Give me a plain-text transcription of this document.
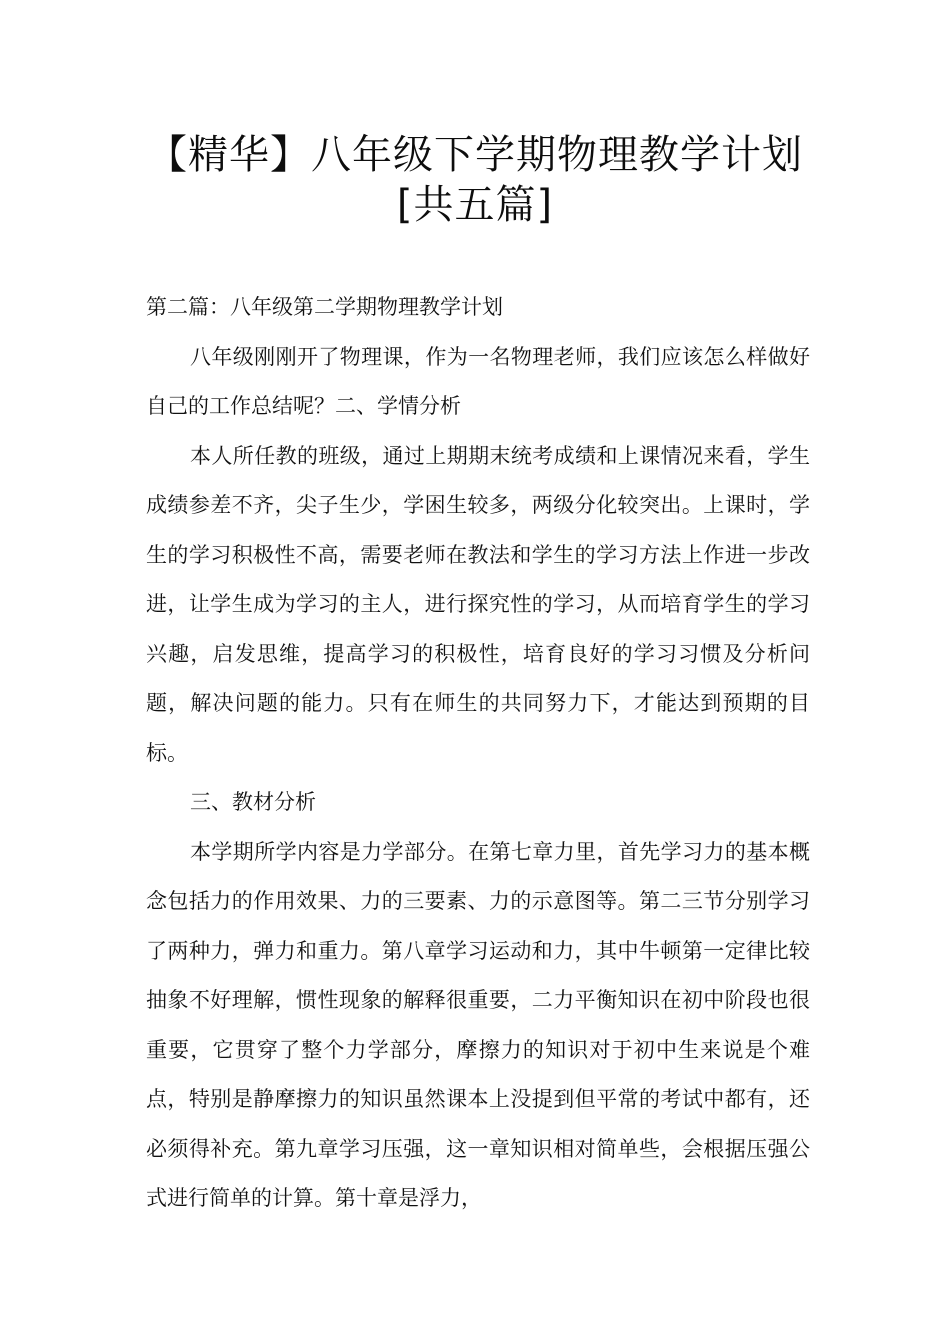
【精华】八年级下学期物理教学计划
[共五篇]

第二篇：八年级第二学期物理教学计划

八年级刚刚开了物理课，作为一名物理老师，我们应该怎么样做好自己的工作总结呢？二、学情分析

本人所任教的班级，通过上期期末统考成绩和上课情况来看，学生成绩参差不齐，尖子生少，学困生较多，两级分化较突出。上课时，学生的学习积极性不高，需要老师在教法和学生的学习方法上作进一步改进，让学生成为学习的主人，进行探究性的学习，从而培育学生的学习兴趣，启发思维，提高学习的积极性，培育良好的学习习惯及分析问题，解决问题的能力。只有在师生的共同努力下，才能达到预期的目标。

三、教材分析

本学期所学内容是力学部分。在第七章力里，首先学习力的基本概念包括力的作用效果、力的三要素、力的示意图等。第二三节分别学习了两种力，弹力和重力。第八章学习运动和力，其中牛顿第一定律比较抽象不好理解，惯性现象的解释很重要，二力平衡知识在初中阶段也很重要，它贯穿了整个力学部分，摩擦力的知识对于初中生来说是个难点，特别是静摩擦力的知识虽然课本上没提到但平常的考试中都有，还必须得补充。第九章学习压强，这一章知识相对简单些，会根据压强公式进行简单的计算。第十章是浮力，
